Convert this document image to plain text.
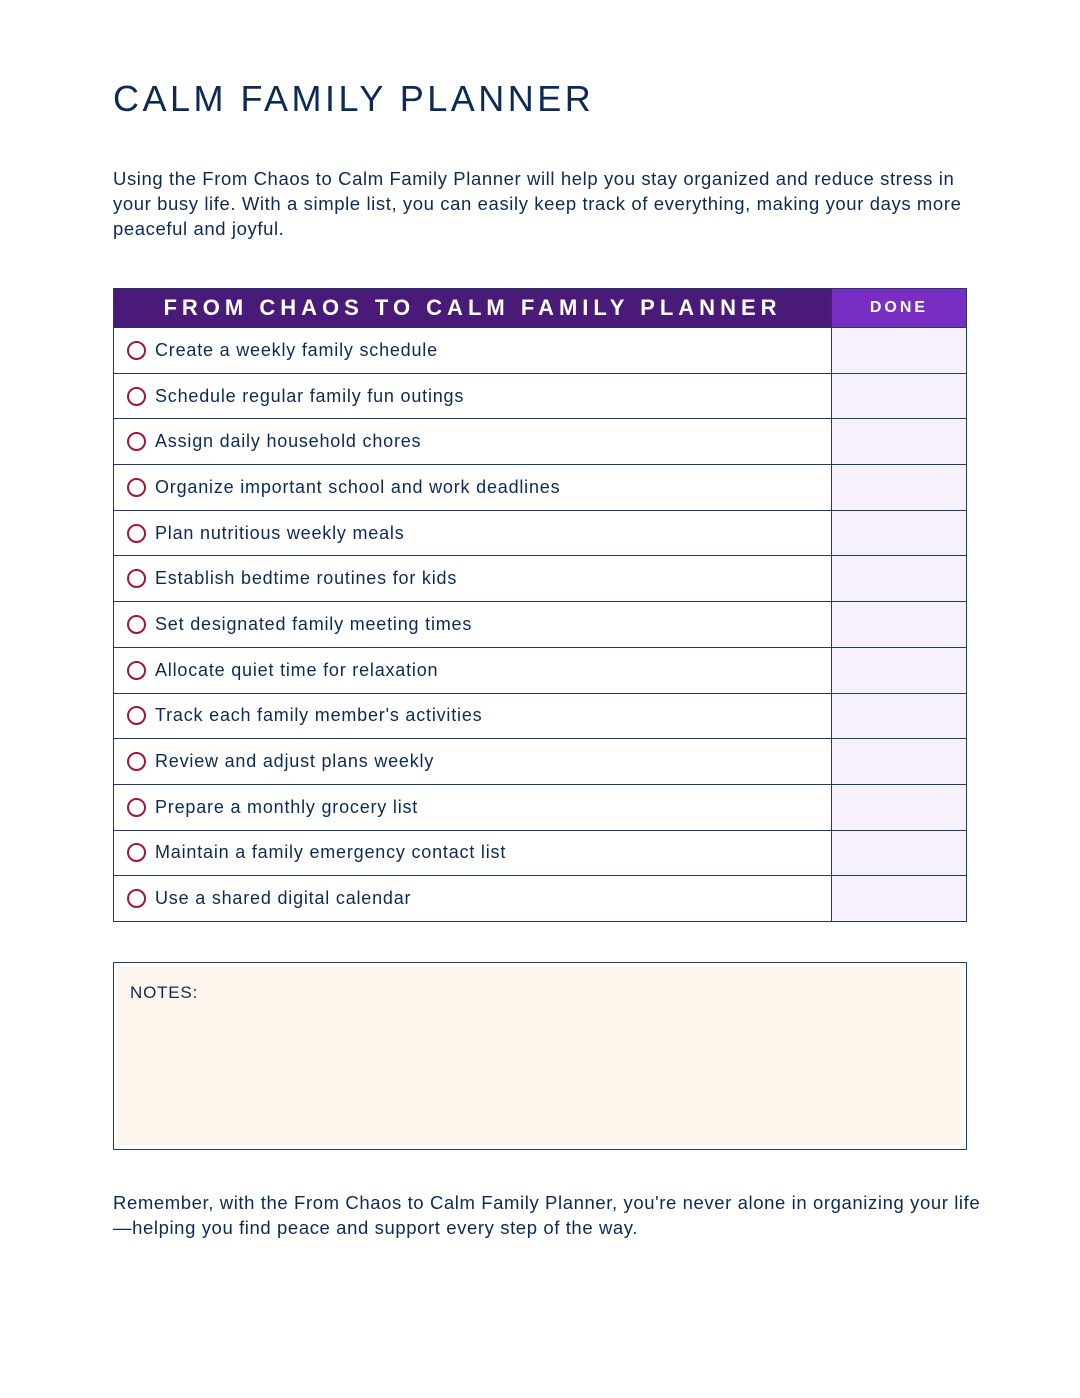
CALM FAMILY PLANNER

Using the From Chaos to Calm Family Planner will help you stay organized and reduce stress in your busy life. With a simple list, you can easily keep track of everything, making your days more peaceful and joyful.

FROM CHAOS TO CALM FAMILY PLANNER	DONE
Create a weekly family schedule
Schedule regular family fun outings
Assign daily household chores
Organize important school and work deadlines
Plan nutritious weekly meals
Establish bedtime routines for kids
Set designated family meeting times
Allocate quiet time for relaxation
Track each family member's activities
Review and adjust plans weekly
Prepare a monthly grocery list
Maintain a family emergency contact list
Use a shared digital calendar
NOTES:

Remember, with the From Chaos to Calm Family Planner, you're never alone in organizing your life—helping you find peace and support every step of the way.
